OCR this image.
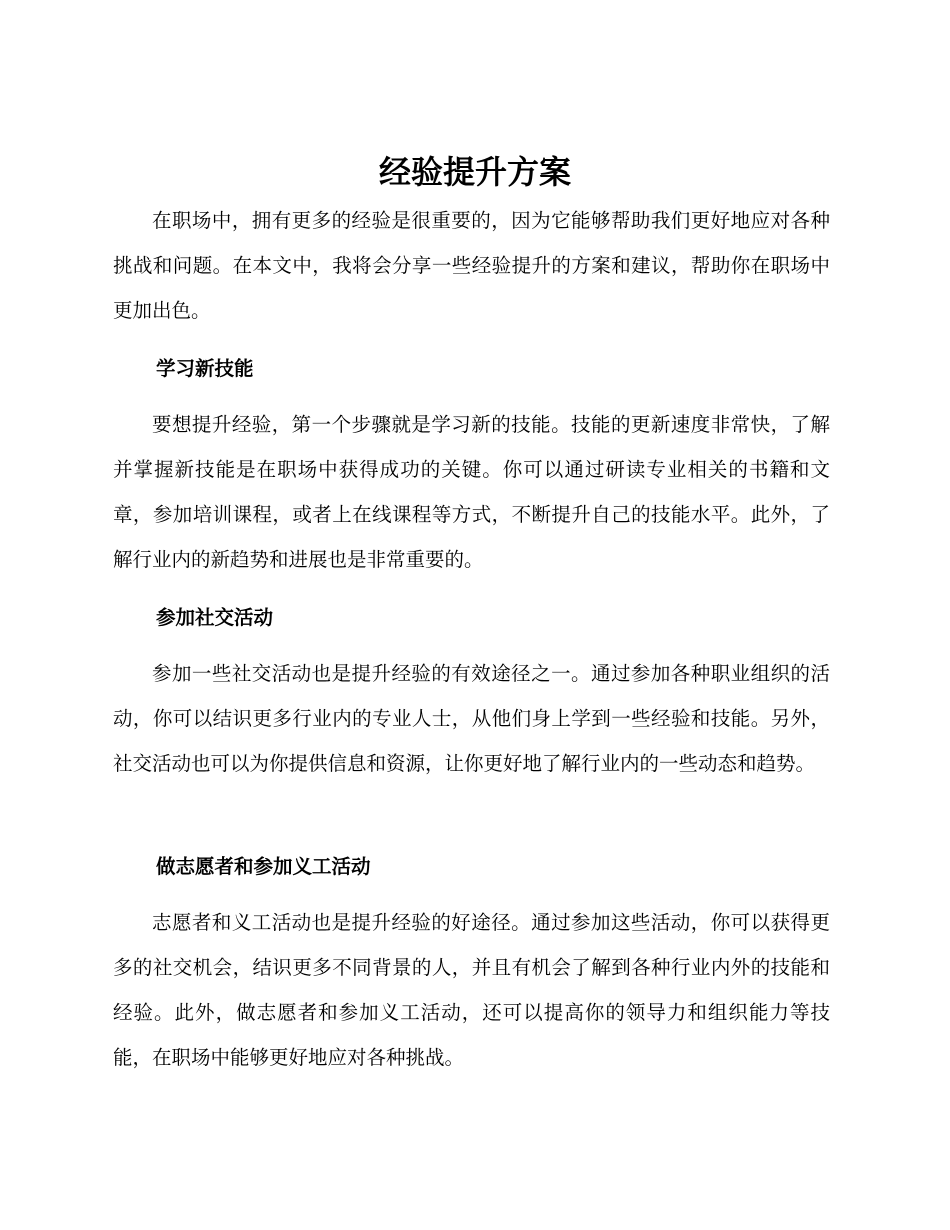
经验提升方案

在职场中，拥有更多的经验是很重要的，因为它能够帮助我们更好地应对各种挑战和问题。在本文中，我将会分享一些经验提升的方案和建议，帮助你在职场中更加出色。

学习新技能

要想提升经验，第一个步骤就是学习新的技能。技能的更新速度非常快，了解并掌握新技能是在职场中获得成功的关键。你可以通过研读专业相关的书籍和文章，参加培训课程，或者上在线课程等方式，不断提升自己的技能水平。此外，了解行业内的新趋势和进展也是非常重要的。

参加社交活动

参加一些社交活动也是提升经验的有效途径之一。通过参加各种职业组织的活动，你可以结识更多行业内的专业人士，从他们身上学到一些经验和技能。另外，社交活动也可以为你提供信息和资源，让你更好地了解行业内的一些动态和趋势。

做志愿者和参加义工活动

志愿者和义工活动也是提升经验的好途径。通过参加这些活动，你可以获得更多的社交机会，结识更多不同背景的人，并且有机会了解到各种行业内外的技能和经验。此外，做志愿者和参加义工活动，还可以提高你的领导力和组织能力等技能，在职场中能够更好地应对各种挑战。
